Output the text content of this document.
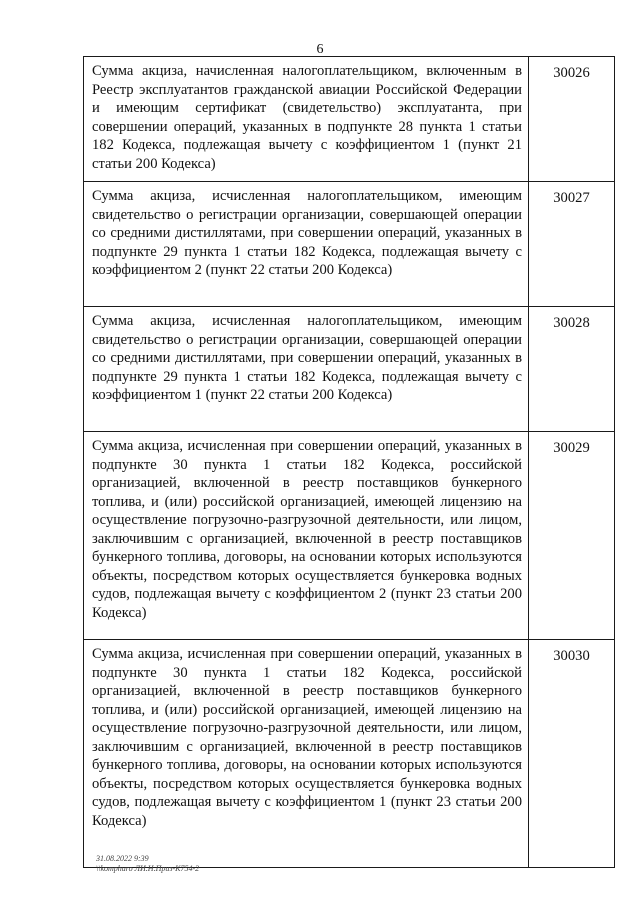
6
Сумма акциза, начисленная налогоплательщиком, включенным в Реестр эксплуатантов гражданской авиации Российской Федерации и имеющим сертификат (свидетельство) эксплуатанта, при совершении операций, указанных в подпункте 28 пункта 1 статьи 182 Кодекса, подлежащая вычету с коэффициентом 1 (пункт 21 статьи 200 Кодекса)	30026
Сумма акциза, исчисленная налогоплательщиком, имеющим свидетельство о регистрации организации, совершающей операции со средними дистиллятами, при совершении операций, указанных в подпункте 29 пункта 1 статьи 182 Кодекса, подлежащая вычету с коэффициентом 2 (пункт 22 статьи 200 Кодекса)	30027
Сумма акциза, исчисленная налогоплательщиком, имеющим свидетельство о регистрации организации, совершающей операции со средними дистиллятами, при совершении операций, указанных в подпункте 29 пункта 1 статьи 182 Кодекса, подлежащая вычету с коэффициентом 1 (пункт 22 статьи 200 Кодекса)	30028
Сумма акциза, исчисленная при совершении операций, указанных в подпункте 30 пункта 1 статьи 182 Кодекса, российской организацией, включенной в реестр поставщиков бункерного топлива, и (или) российской организацией, имеющей лицензию на осуществление погрузочно-разгрузочной деятельности, или лицом, заключившим с организацией, включенной в реестр поставщиков бункерного топлива, договоры, на основании которых используются объекты, посредством которых осуществляется бункеровка водных судов, подлежащая вычету с коэффициентом 2 (пункт 23 статьи 200 Кодекса)	30029
Сумма акциза, исчисленная при совершении операций, указанных в подпункте 30 пункта 1 статьи 182 Кодекса, российской организацией, включенной в реестр поставщиков бункерного топлива, и (или) российской организацией, имеющей лицензию на осуществление погрузочно-разгрузочной деятельности, или лицом, заключившим с организацией, включенной в реестр поставщиков бункерного топлива, договоры, на основании которых используются объекты, посредством которых осуществляется бункеровка водных судов, подлежащая вычету с коэффициентом 1 (пункт 23 статьи 200 Кодекса)	30030
31.08.2022 9:39
\\komphuro ЛИ.Н.Приз-К754-2
